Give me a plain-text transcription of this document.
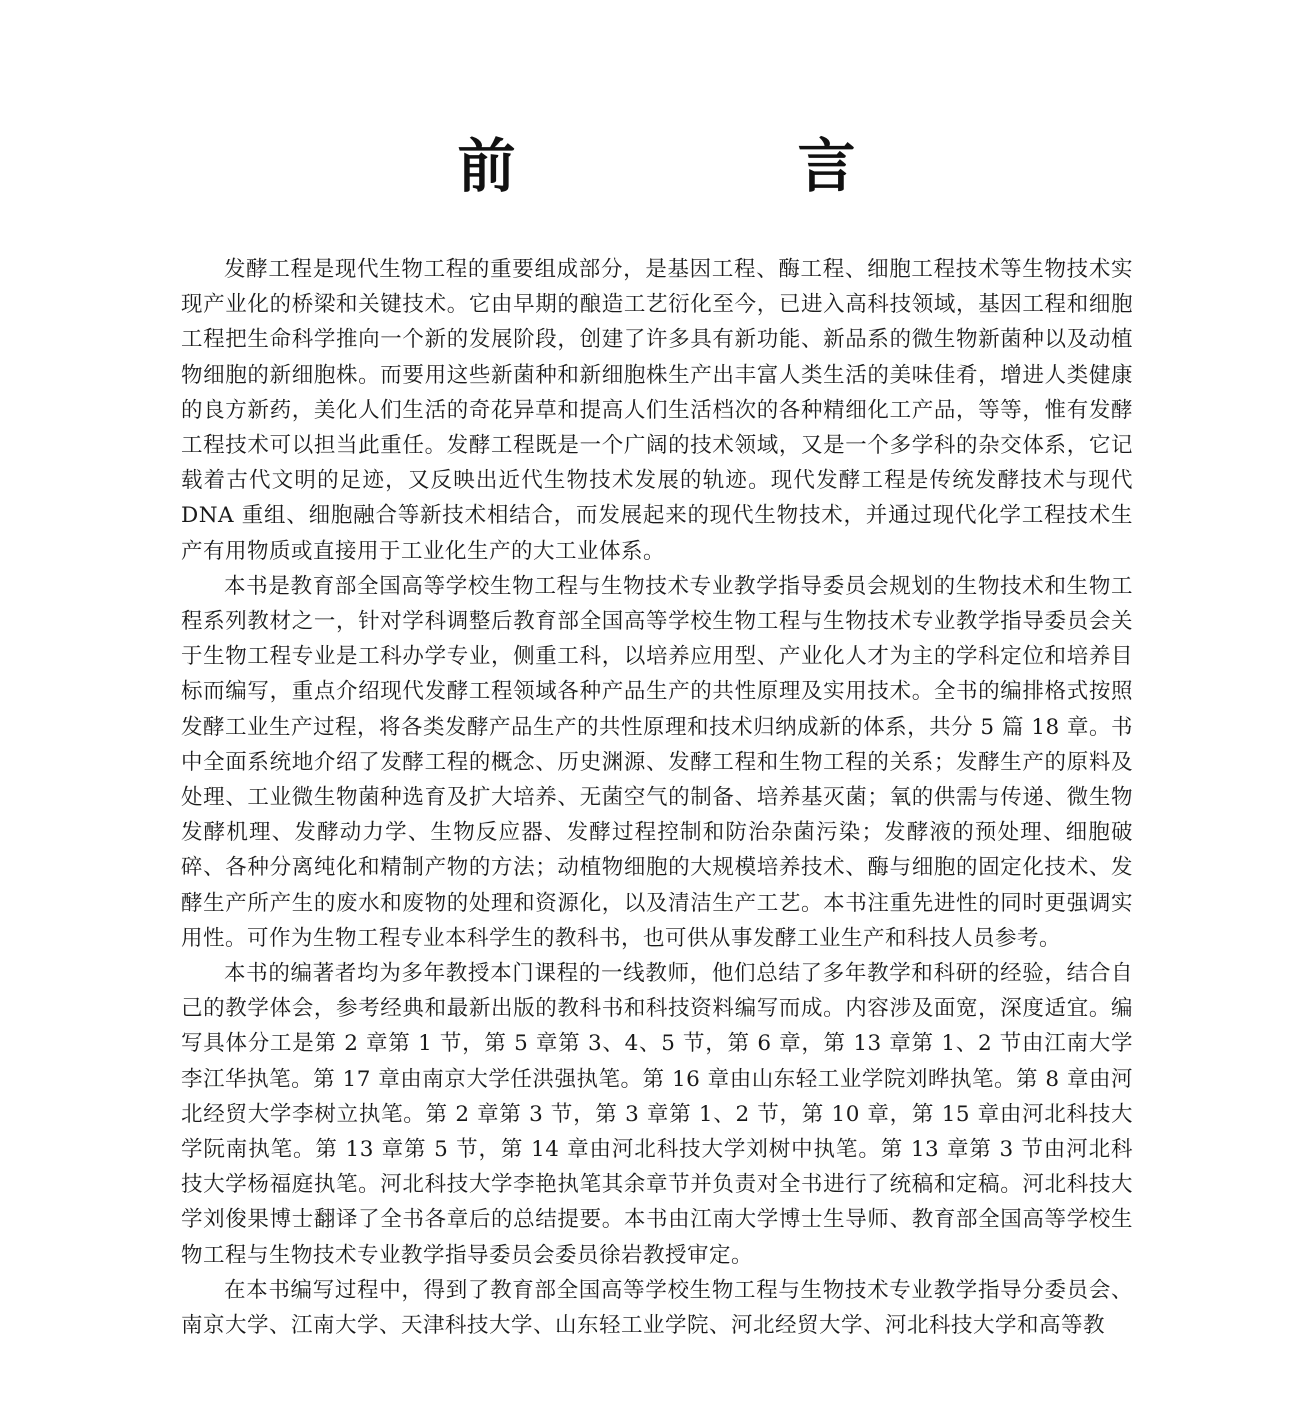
前　言

发酵工程是现代生物工程的重要组成部分，是基因工程、酶工程、细胞工程技术等生物技术实现产业化的桥梁和关键技术。它由早期的酿造工艺衍化至今，已进入高科技领域，基因工程和细胞工程把生命科学推向一个新的发展阶段，创建了许多具有新功能、新品系的微生物新菌种以及动植物细胞的新细胞株。而要用这些新菌种和新细胞株生产出丰富人类生活的美味佳肴，增进人类健康的良方新药，美化人们生活的奇花异草和提高人们生活档次的各种精细化工产品，等等，惟有发酵工程技术可以担当此重任。发酵工程既是一个广阔的技术领域，又是一个多学科的杂交体系，它记载着古代文明的足迹，又反映出近代生物技术发展的轨迹。现代发酵工程是传统发酵技术与现代 DNA 重组、细胞融合等新技术相结合，而发展起来的现代生物技术，并通过现代化学工程技术生产有用物质或直接用于工业化生产的大工业体系。

本书是教育部全国高等学校生物工程与生物技术专业教学指导委员会规划的生物技术和生物工程系列教材之一，针对学科调整后教育部全国高等学校生物工程与生物技术专业教学指导委员会关于生物工程专业是工科办学专业，侧重工科，以培养应用型、产业化人才为主的学科定位和培养目标而编写，重点介绍现代发酵工程领域各种产品生产的共性原理及实用技术。全书的编排格式按照发酵工业生产过程，将各类发酵产品生产的共性原理和技术归纳成新的体系，共分 5 篇 18 章。书中全面系统地介绍了发酵工程的概念、历史渊源、发酵工程和生物工程的关系；发酵生产的原料及处理、工业微生物菌种选育及扩大培养、无菌空气的制备、培养基灭菌；氧的供需与传递、微生物发酵机理、发酵动力学、生物反应器、发酵过程控制和防治杂菌污染；发酵液的预处理、细胞破碎、各种分离纯化和精制产物的方法；动植物细胞的大规模培养技术、酶与细胞的固定化技术、发酵生产所产生的废水和废物的处理和资源化，以及清洁生产工艺。本书注重先进性的同时更强调实用性。可作为生物工程专业本科学生的教科书，也可供从事发酵工业生产和科技人员参考。

本书的编著者均为多年教授本门课程的一线教师，他们总结了多年教学和科研的经验，结合自己的教学体会，参考经典和最新出版的教科书和科技资料编写而成。内容涉及面宽，深度适宜。编写具体分工是第 2 章第 1 节，第 5 章第 3、4、5 节，第 6 章，第 13 章第 1、2 节由江南大学李江华执笔。第 17 章由南京大学任洪强执笔。第 16 章由山东轻工业学院刘晔执笔。第 8 章由河北经贸大学李树立执笔。第 2 章第 3 节，第 3 章第 1、2 节，第 10 章，第 15 章由河北科技大学阮南执笔。第 13 章第 5 节，第 14 章由河北科技大学刘树中执笔。第 13 章第 3 节由河北科技大学杨福庭执笔。河北科技大学李艳执笔其余章节并负责对全书进行了统稿和定稿。河北科技大学刘俊果博士翻译了全书各章后的总结提要。本书由江南大学博士生导师、教育部全国高等学校生物工程与生物技术专业教学指导委员会委员徐岩教授审定。

在本书编写过程中，得到了教育部全国高等学校生物工程与生物技术专业教学指导分委员会、南京大学、江南大学、天津科技大学、山东轻工业学院、河北经贸大学、河北科技大学和高等教
